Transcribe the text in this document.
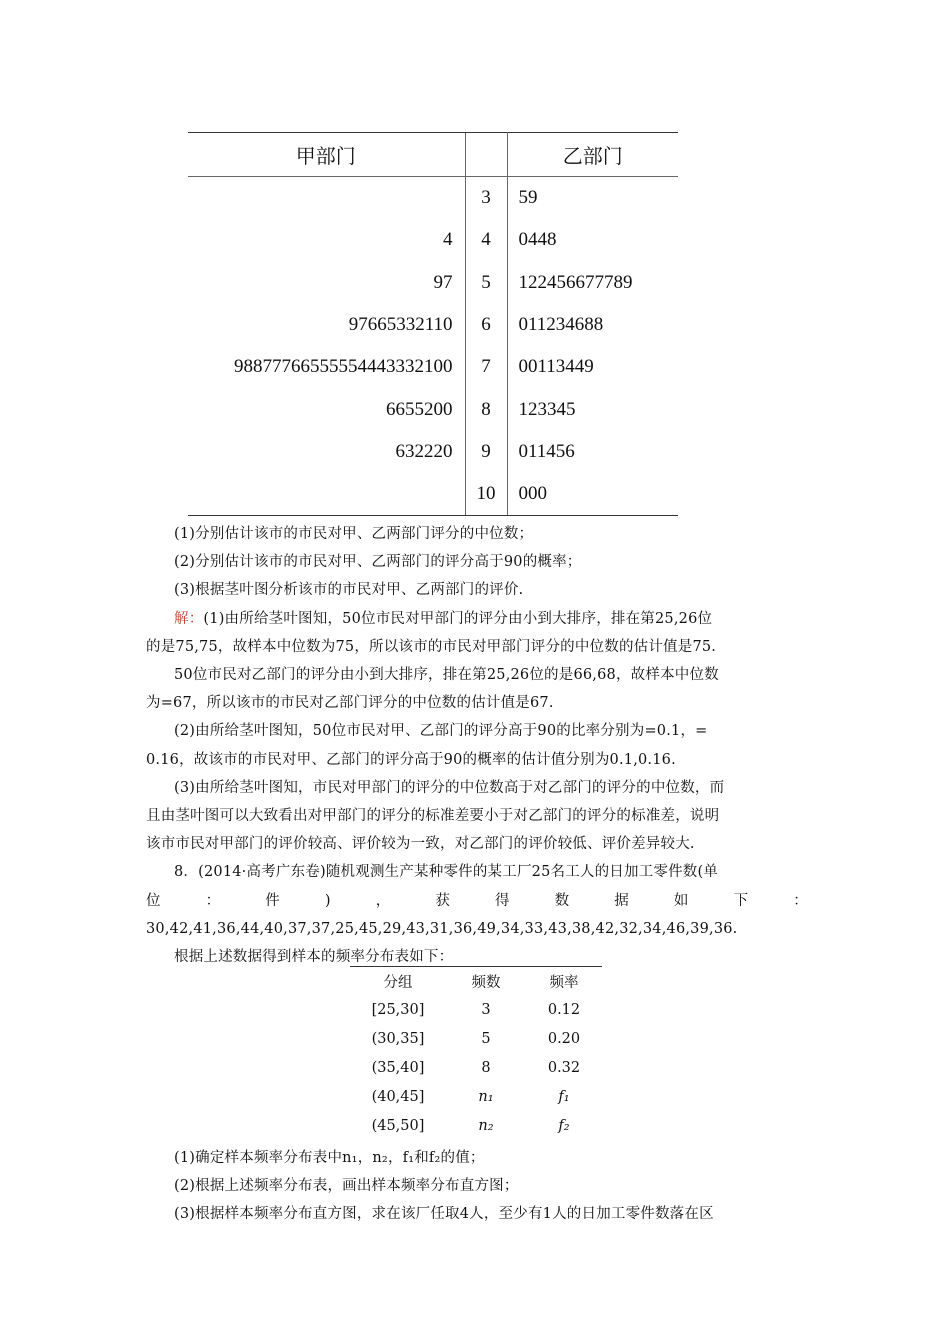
甲部门		乙部门
	3	59
4	4	0448
97	5	122456677789
97665332110	6	011234688
98877766555554443332100	7	00113449
6655200	8	123345
632220	9	011456
	10	000

(1)分别估计该市的市民对甲、乙两部门评分的中位数；

(2)分别估计该市的市民对甲、乙两部门的评分高于90的概率；

(3)根据茎叶图分析该市的市民对甲、乙两部门的评价.

解：(1)由所给茎叶图知，50位市民对甲部门的评分由小到大排序，排在第25,26位

的是75,75，故样本中位数为75，所以该市的市民对甲部门评分的中位数的估计值是75.

50位市民对乙部门的评分由小到大排序，排在第25,26位的是66,68，故样本中位数

为=67，所以该市的市民对乙部门评分的中位数的估计值是67.

(2)由所给茎叶图知，50位市民对甲、乙部门的评分高于90的比率分别为=0.1，=

0.16，故该市的市民对甲、乙部门的评分高于90的概率的估计值分别为0.1,0.16.

(3)由所给茎叶图知，市民对甲部门的评分的中位数高于对乙部门的评分的中位数，而

且由茎叶图可以大致看出对甲部门的评分的标准差要小于对乙部门的评分的标准差，说明

该市市民对甲部门的评价较高、评价较为一致，对乙部门的评价较低、评价差异较大.

8．(2014·高考广东卷)随机观测生产某种零件的某工厂25名工人的日加工零件数(单

位	：	件	)	，	获	得	数	据	如	下	：

30,42,41,36,44,40,37,37,25,45,29,43,31,36,49,34,33,43,38,42,32,34,46,39,36.

根据上述数据得到样本的频率分布表如下：

分组	频数	频率
[25,30]	3	0.12
(30,35]	5	0.20
(35,40]	8	0.32
(40,45]	n₁	f₁
(45,50]	n₂	f₂

(1)确定样本频率分布表中n₁，n₂，f₁和f₂的值；

(2)根据上述频率分布表，画出样本频率分布直方图；

(3)根据样本频率分布直方图，求在该厂任取4人，至少有1人的日加工零件数落在区
